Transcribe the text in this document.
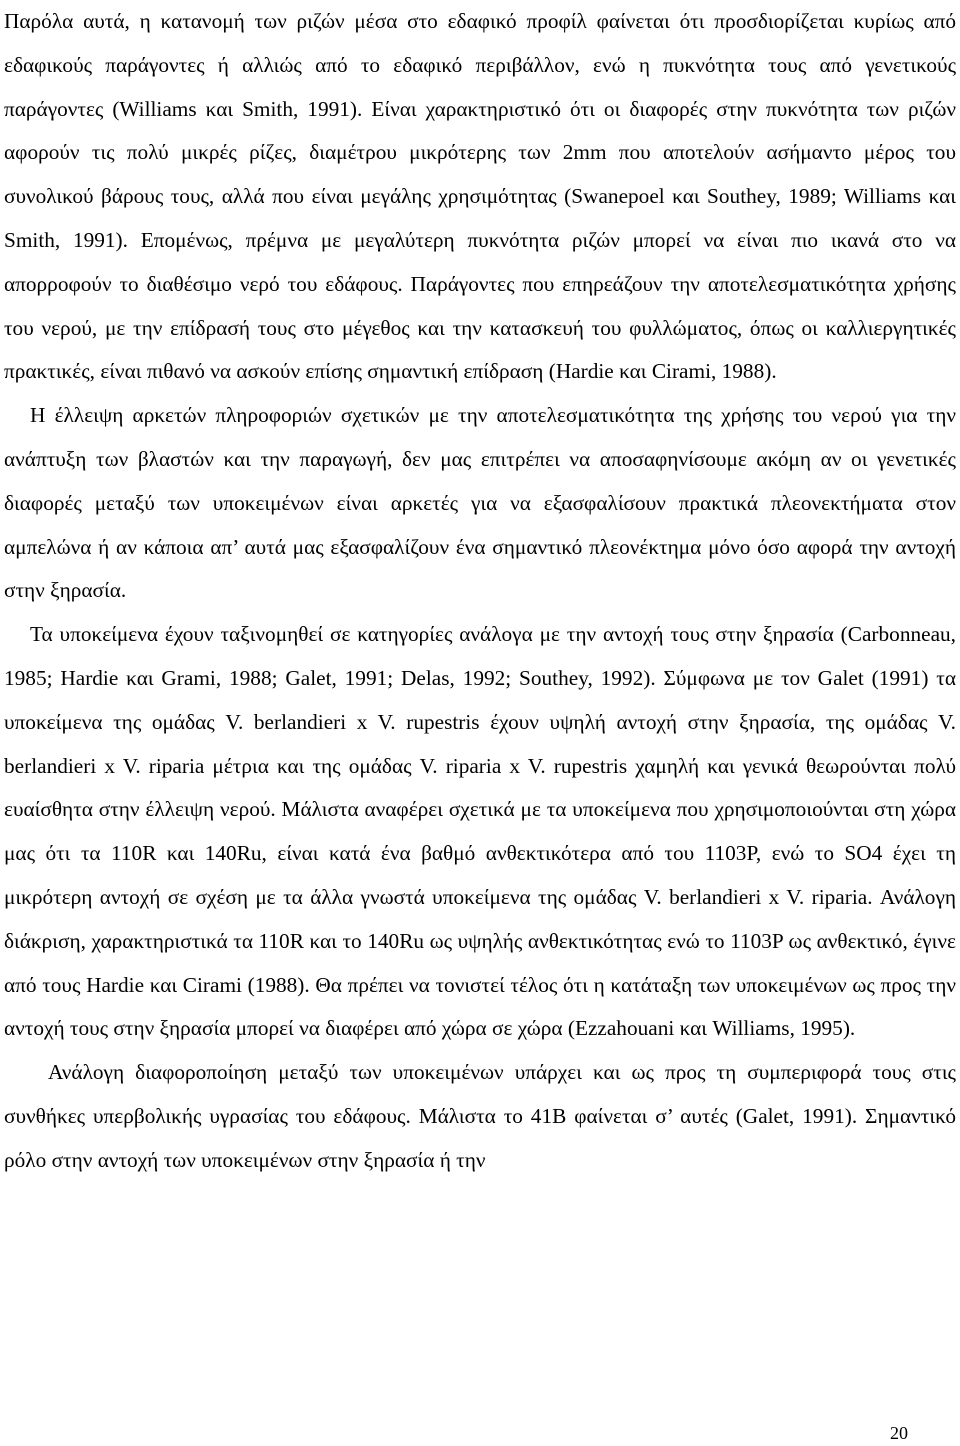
Παρόλα αυτά, η κατανομή των ριζών μέσα στο εδαφικό προφίλ φαίνεται ότι προσδιορίζεται κυρίως από εδαφικούς παράγοντες ή αλλιώς από το εδαφικό περιβάλλον, ενώ η πυκνότητα τους από γενετικούς παράγοντες (Williams και Smith, 1991). Είναι χαρακτηριστικό ότι οι διαφορές στην πυκνότητα των ριζών αφορούν τις πολύ μικρές ρίζες, διαμέτρου μικρότερης των 2mm που αποτελούν ασήμαντο μέρος του συνολικού βάρους τους, αλλά που είναι μεγάλης χρησιμότητας (Swanepoel και Southey, 1989; Williams και Smith, 1991). Επομένως, πρέμνα με μεγαλύτερη πυκνότητα ριζών μπορεί να είναι πιο ικανά στο να απορροφούν το διαθέσιμο νερό του εδάφους. Παράγοντες που επηρεάζουν την αποτελεσματικότητα χρήσης του νερού, με την επίδρασή τους στο μέγεθος και την κατασκευή του φυλλώματος, όπως οι καλλιεργητικές πρακτικές, είναι πιθανό να ασκούν επίσης σημαντική επίδραση (Hardie και Cirami, 1988).

Η έλλειψη αρκετών πληροφοριών σχετικών με την αποτελεσματικότητα της χρήσης του νερού για την ανάπτυξη των βλαστών και την παραγωγή, δεν μας επιτρέπει να αποσαφηνίσουμε ακόμη αν οι γενετικές διαφορές μεταξύ των υποκειμένων είναι αρκετές για να εξασφαλίσουν πρακτικά πλεονεκτήματα στον αμπελώνα ή αν κάποια απ’ αυτά μας εξασφαλίζουν ένα σημαντικό πλεονέκτημα μόνο όσο αφορά την αντοχή στην ξηρασία.

Τα υποκείμενα έχουν ταξινομηθεί σε κατηγορίες ανάλογα με την αντοχή τους στην ξηρασία (Carbonneau, 1985; Hardie και Grami, 1988; Galet, 1991; Delas, 1992; Southey, 1992). Σύμφωνα με τον Galet (1991) τα υποκείμενα της ομάδας V. berlandieri x V. rupestris έχουν υψηλή αντοχή στην ξηρασία, της ομάδας V. berlandieri x V. riparia μέτρια και της ομάδας V. riparia x V. rupestris χαμηλή και γενικά θεωρούνται πολύ ευαίσθητα στην έλλειψη νερού. Μάλιστα αναφέρει σχετικά με τα υποκείμενα που χρησιμοποιούνται στη χώρα μας ότι τα 110R και 140Ru, είναι κατά ένα βαθμό ανθεκτικότερα από του 1103P, ενώ το SO4 έχει τη μικρότερη αντοχή σε σχέση με τα άλλα γνωστά υποκείμενα της ομάδας V. berlandieri x V. riparia. Ανάλογη διάκριση, χαρακτηριστικά τα 110R και το 140Ru ως υψηλής ανθεκτικότητας ενώ το 1103P ως ανθεκτικό, έγινε από τους Hardie και Cirami (1988). Θα πρέπει να τονιστεί τέλος ότι η κατάταξη των υποκειμένων ως προς την αντοχή τους στην ξηρασία μπορεί να διαφέρει από χώρα σε χώρα (Ezzahouani και Williams, 1995).

Ανάλογη διαφοροποίηση μεταξύ των υποκειμένων υπάρχει και ως προς τη συμπεριφορά τους στις συνθήκες υπερβολικής υγρασίας του εδάφους. Μάλιστα το 41B φαίνεται σ’ αυτές (Galet, 1991). Σημαντικό ρόλο στην αντοχή των υποκειμένων στην ξηρασία ή την

20
